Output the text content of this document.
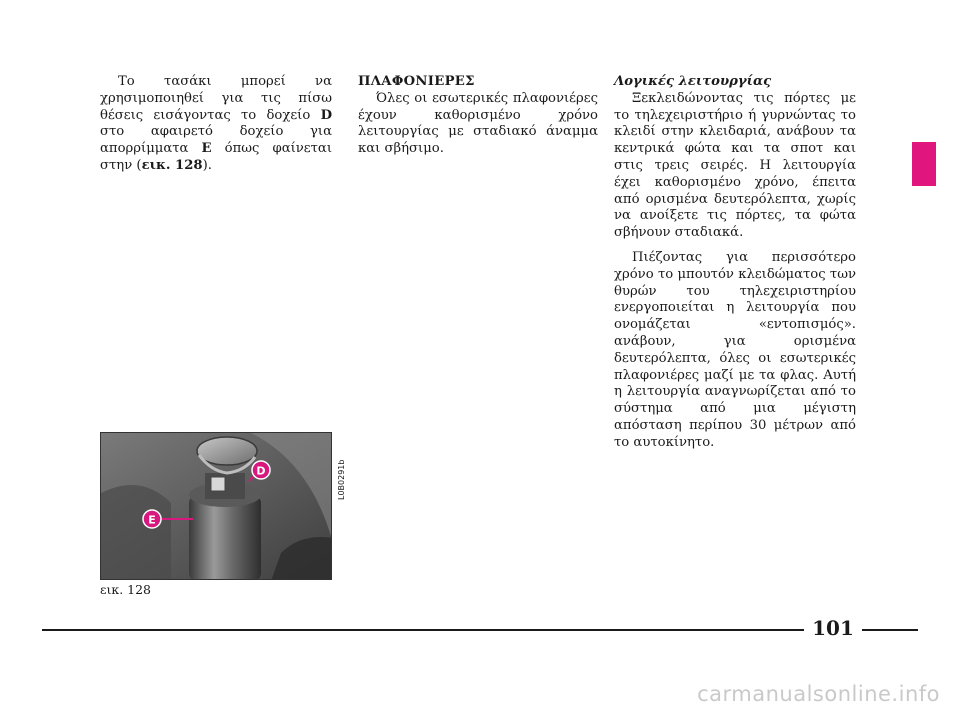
Το τασάκι μπορεί να χρησιμοποιηθεί για τις πίσω θέσεις εισάγοντας το δοχείο D στο αφαιρετό δοχείο για απορρίμματα E όπως φαίνεται στην (εικ. 128).

ΠΛΑΦΟΝΙΕΡΕΣ

Όλες οι εσωτερικές πλαφονιέρες έχουν καθορισμένο χρόνο λειτουργίας με σταδιακό άναμμα και σβήσιμο.

Λογικές λειτουργίας

Ξεκλειδώνοντας τις πόρτες με το τηλεχειριστήριο ή γυρνώντας το κλειδί στην κλειδαριά, ανάβουν τα κεντρικά φώτα και τα σποτ και στις τρεις σειρές. Η λειτουργία έχει καθορισμένο χρόνο, έπειτα από ορισμένα δευτερόλεπτα, χωρίς να ανοίξετε τις πόρτες, τα φώτα σβήνουν σταδιακά.

Πιέζοντας για περισσότερο χρόνο το μπουτόν κλειδώματος των θυρών του τηλεχειριστηρίου ενεργοποιείται η λειτουργία που ονομάζεται «εντοπισμός». ανάβουν, για ορισμένα δευτερόλεπτα, όλες οι εσωτερικές πλαφονιέρες μαζί με τα φλας. Αυτή η λειτουργία αναγνωρίζεται από το σύστημα από μια μέγιστη απόσταση περίπου 30 μέτρων από το αυτοκίνητο.

D
E
L0B0291b
εικ. 128
101
carmanualsonline.info
